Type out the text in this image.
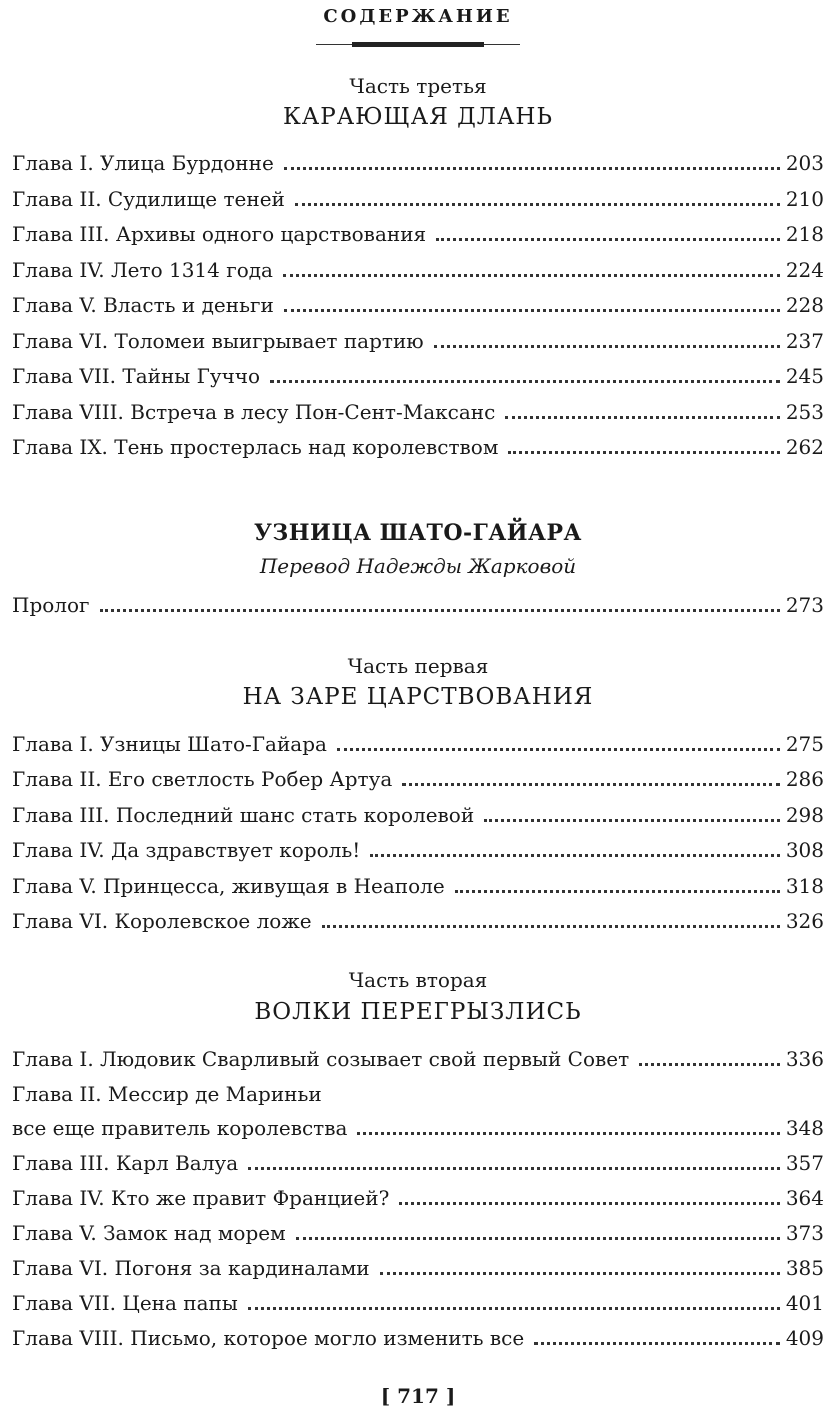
СОДЕРЖАНИЕ
Часть третья
КАРАЮЩАЯ ДЛАНЬ
Глава I. Улица Бурдонне	203
Глава II. Судилище теней	210
Глава III. Архивы одного царствования	218
Глава IV. Лето 1314 года	224
Глава V. Власть и деньги	228
Глава VI. Толомеи выигрывает партию	237
Глава VII. Тайны Гуччо	245
Глава VIII. Встреча в лесу Пон-Сент-Максанс	253
Глава IX. Тень простерлась над королевством	262
УЗНИЦА ШАТО-ГАЙАРА
Перевод Надежды Жарковой
Пролог	273
Часть первая
НА ЗАРЕ ЦАРСТВОВАНИЯ
Глава I. Узницы Шато-Гайара	275
Глава II. Его светлость Робер Артуа	286
Глава III. Последний шанс стать королевой	298
Глава IV. Да здравствует король!	308
Глава V. Принцесса, живущая в Неаполе	318
Глава VI. Королевское ложе	326
Часть вторая
ВОЛКИ ПЕРЕГРЫЗЛИСЬ
Глава I. Людовик Сварливый созывает свой первый Совет	336
Глава II. Мессир де Мариньи
все еще правитель королевства	348
Глава III. Карл Валуа	357
Глава IV. Кто же правит Францией?	364
Глава V. Замок над морем	373
Глава VI. Погоня за кардиналами	385
Глава VII. Цена папы	401
Глава VIII. Письмо, которое могло изменить все	409
[ 717 ]
